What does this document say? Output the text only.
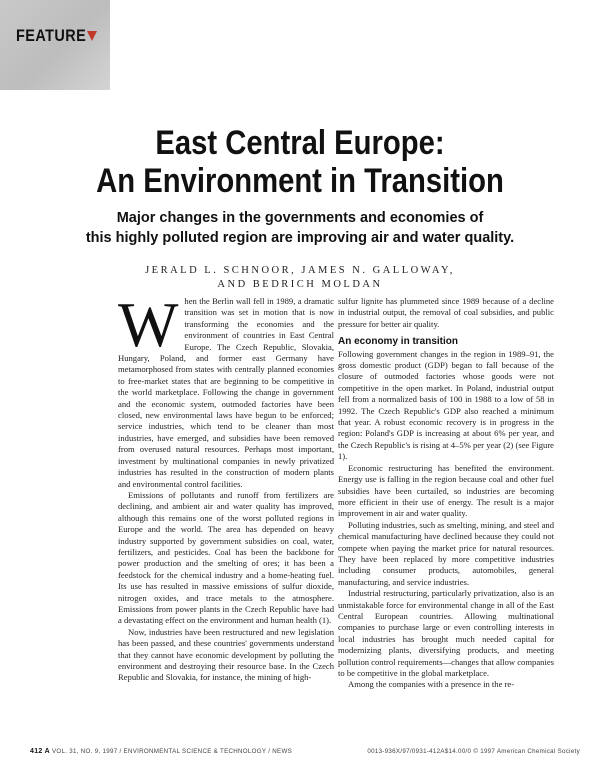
FEATURE
East Central Europe:
An Environment in Transition
Major changes in the governments and economies of
this highly polluted region are improving air and water quality.
JERALD L. SCHNOOR, JAMES N. GALLOWAY,
AND BEDRICH MOLDAN

When the Berlin wall fell in 1989, a dramatic transition was set in motion that is now transforming the economies and the environment of countries in East Central Europe. The Czech Republic, Slovakia, Hungary, Poland, and former east Germany have metamorphosed from states with centrally planned economies to free-market states that are beginning to be competitive in the world marketplace. Following the change in government and the economic system, outmoded factories have been closed, new environmental laws have begun to be enforced; service industries, which tend to be cleaner than most industries, have emerged, and subsidies have been removed from overused natural resources. Perhaps most important, investment by multinational companies in newly privatized industries has resulted in the construction of modern plants and environmental control facilities.

Emissions of pollutants and runoff from fertilizers are declining, and ambient air and water quality has improved, although this remains one of the worst polluted regions in Europe and the world. The area has depended on heavy industry supported by government subsidies on coal, water, fertilizers, and pesticides. Coal has been the backbone for power production and the smelting of ores; it has been a feedstock for the chemical industry and a home-heating fuel. Its use has resulted in massive emissions of sulfur dioxide, nitrogen oxides, and trace metals to the atmosphere. Emissions from power plants in the Czech Republic have had a devastating effect on the environment and human health (1).

Now, industries have been restructured and new legislation has been passed, and these countries' governments understand that they cannot have economic development by polluting the environment and destroying their resource base. In the Czech Republic and Slovakia, for instance, the mining of high-

sulfur lignite has plummeted since 1989 because of a decline in industrial output, the removal of coal subsidies, and public pressure for better air quality.

An economy in transition

Following government changes in the region in 1989–91, the gross domestic product (GDP) began to fall because of the closure of outmoded factories whose goods were not competitive in the open market. In Poland, industrial output fell from a normalized basis of 100 in 1988 to a low of 58 in 1992. The Czech Republic's GDP also reached a minimum that year. A robust economic recovery is in progress in the region: Poland's GDP is increasing at about 6% per year, and the Czech Republic's is rising at 4–5% per year (2) (see Figure 1).

Economic restructuring has benefited the environment. Energy use is falling in the region because coal and other fuel subsidies have been curtailed, so industries are becoming more efficient in their use of energy. The result is a major improvement in air and water quality.

Polluting industries, such as smelting, mining, and steel and chemical manufacturing have declined because they could not compete when paying the market price for natural resources. They have been replaced by more competitive industries including consumer products, automobiles, general manufacturing, and service industries.

Industrial restructuring, particularly privatization, also is an unmistakable force for environmental change in all of the East Central European countries. Allowing multinational companies to purchase large or even controlling interests in local industries has brought much needed capital for modernizing plants, diversifying products, and meeting pollution control requirements—changes that allow companies to be competitive in the global marketplace.

Among the companies with a presence in the re-

412 A VOL. 31, NO. 9, 1997 / ENVIRONMENTAL SCIENCE & TECHNOLOGY / NEWS	0013-936X/97/0931-412A$14.00/0 © 1997 American Chemical Society
